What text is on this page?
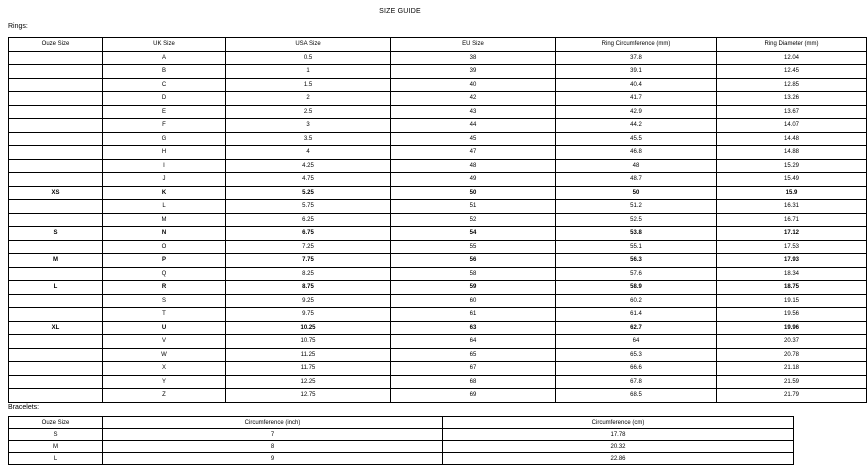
SIZE GUIDE
Rings:
Ouze Size	UK Size	USA Size	EU Size	Ring Circumference (mm)	Ring Diameter (mm)
	A	0.5	38	37.8	12.04
	B	1	39	39.1	12.45
	C	1.5	40	40.4	12.85
	D	2	42	41.7	13.26
	E	2.5	43	42.9	13.67
	F	3	44	44.2	14.07
	G	3.5	45	45.5	14.48
	H	4	47	46.8	14.88
	I	4.25	48	48	15.29
	J	4.75	49	48.7	15.49
XS	K	5.25	50	50	15.9
	L	5.75	51	51.2	16.31
	M	6.25	52	52.5	16.71
S	N	6.75	54	53.8	17.12
	O	7.25	55	55.1	17.53
M	P	7.75	56	56.3	17.93
	Q	8.25	58	57.6	18.34
L	R	8.75	59	58.9	18.75
	S	9.25	60	60.2	19.15
	T	9.75	61	61.4	19.56
XL	U	10.25	63	62.7	19.96
	V	10.75	64	64	20.37
	W	11.25	65	65.3	20.78
	X	11.75	67	66.6	21.18
	Y	12.25	68	67.8	21.59
	Z	12.75	69	68.5	21.79
Bracelets:
Ouze Size	Circumference (inch)	Circumference (cm)
S	7	17.78
M	8	20.32
L	9	22.86
